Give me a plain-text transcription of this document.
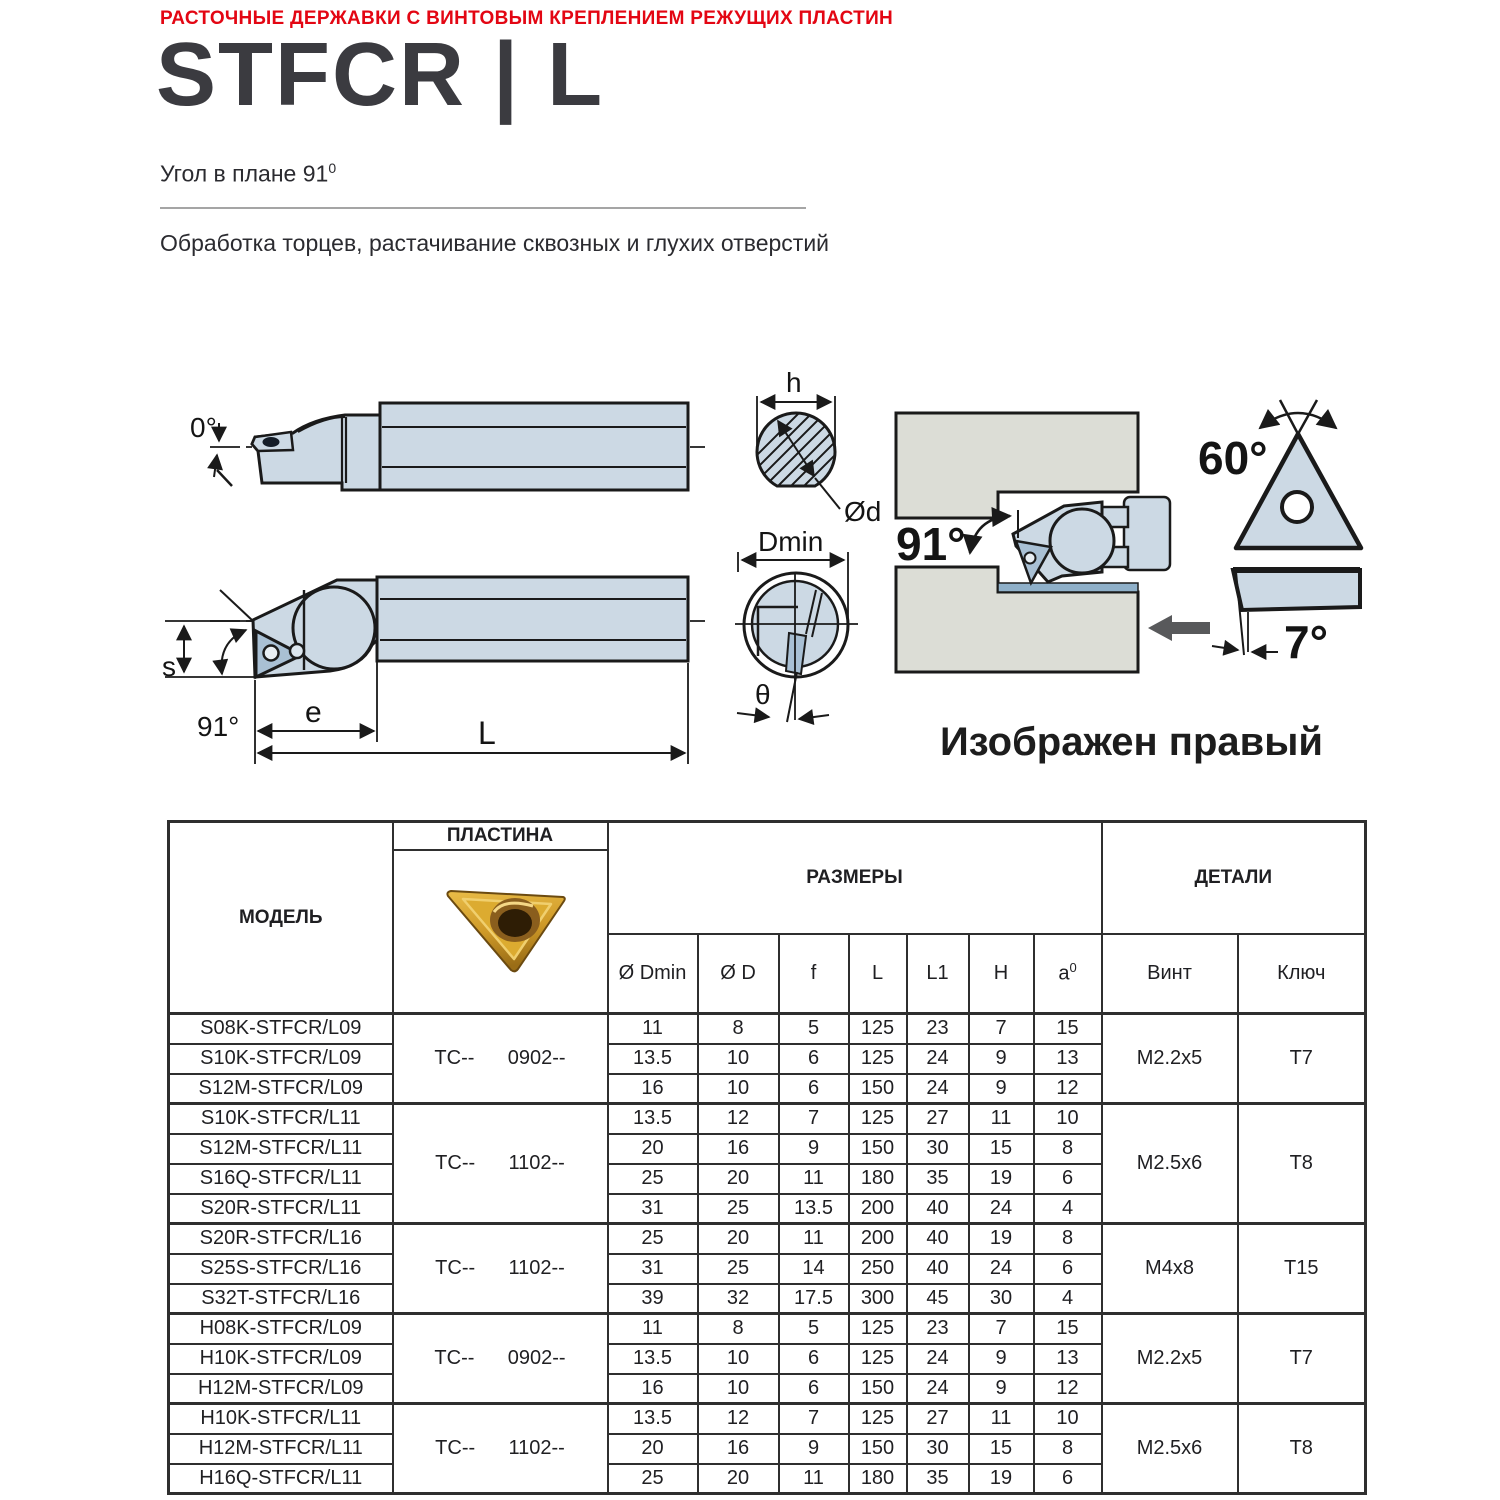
РАСТОЧНЫЕ ДЕРЖАВКИ С ВИНТОВЫМ КРЕПЛЕНИЕМ РЕЖУЩИХ ПЛАСТИН
STFCR | L
Угол в плане $91^0$
Обработка торцев, растачивание сквозных и глухих отверстий
0°
s
91° e
L
h
Ød
Dmin
θ
91°
60°
7°
Изображен правый
МОДЕЛЬ	ПЛАСТИНА	РАЗМЕРЫ							ДЕТАЛИ	

		Ø Dmin	Ø D	f	L	L1	H	$a^0$	Винт	Ключ
S08K-STFCR/L09	TC--      0902--	11	8	5	125	23	7	15	M2.2x5	T7
S10K-STFCR/L09		13.5	10	6	125	24	9	13		
S12M-STFCR/L09		16	10	6	150	24	9	12		
S10K-STFCR/L11	TC--      1102--	13.5	12	7	125	27	11	10	M2.5x6	T8
S12M-STFCR/L11		20	16	9	150	30	15	8		
S16Q-STFCR/L11		25	20	11	180	35	19	6		
S20R-STFCR/L11		31	25	13.5	200	40	24	4		
S20R-STFCR/L16	TC--      1102--	25	20	11	200	40	19	8	M4x8	T15
S25S-STFCR/L16		31	25	14	250	40	24	6		
S32T-STFCR/L16		39	32	17.5	300	45	30	4		
H08K-STFCR/L09	TC--      0902--	11	8	5	125	23	7	15	M2.2x5	T7
H10K-STFCR/L09		13.5	10	6	125	24	9	13		
H12M-STFCR/L09		16	10	6	150	24	9	12		
H10K-STFCR/L11	TC--      1102--	13.5	12	7	125	27	11	10	M2.5x6	T8
H12M-STFCR/L11		20	16	9	150	30	15	8		
H16Q-STFCR/L11		25	20	11	180	35	19	6		
